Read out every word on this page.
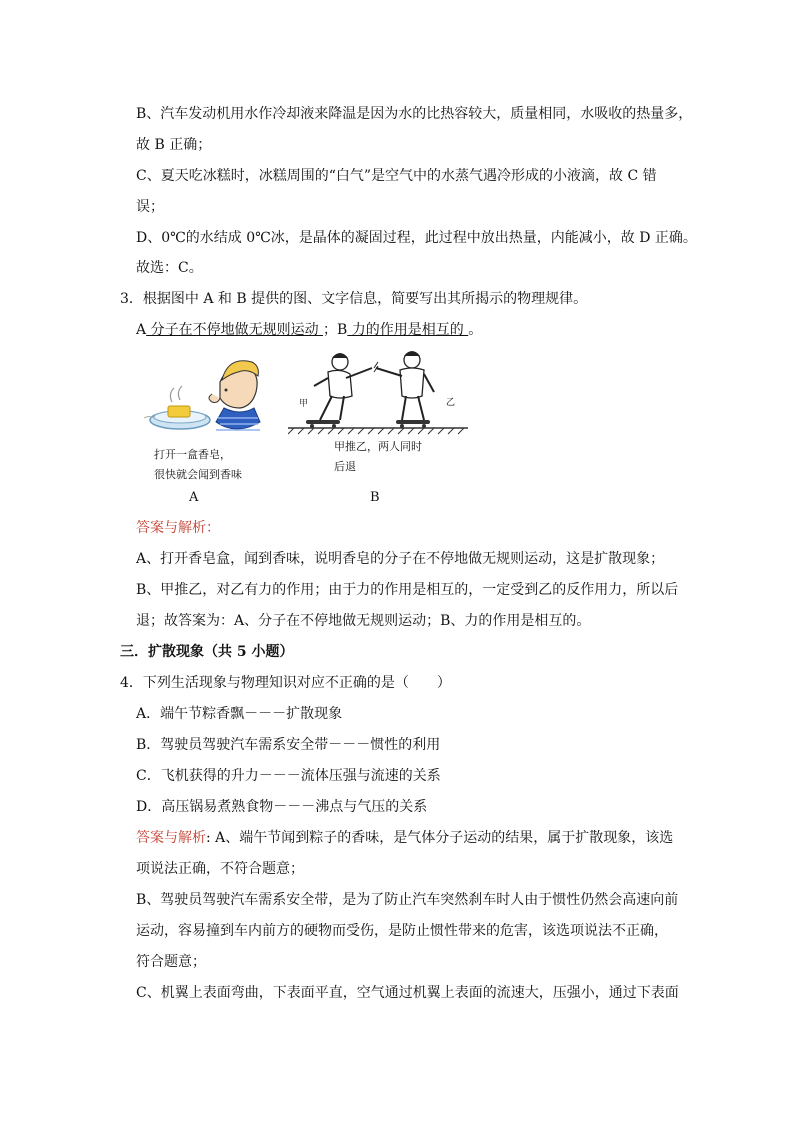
B、汽车发动机用水作冷却液来降温是因为水的比热容较大，质量相同，水吸收的热量多，
故 B 正确；
C、夏天吃冰糕时，冰糕周围的“白气”是空气中的水蒸气遇冷形成的小液滴，故 C 错
误；
D、0℃的水结成 0℃冰，是晶体的凝固过程，此过程中放出热量，内能减小，故 D 正确。
故选：C。
3．根据图中 A 和 B 提供的图、文字信息，简要写出其所揭示的物理规律。
A 分子在不停地做无规则运动 ；B 力的作用是相互的 。
打开一盒香皂，
很快就会闻到香味
A
甲	乙
甲推乙，两人同时
后退
B
答案与解析：
A、打开香皂盒，闻到香味，说明香皂的分子在不停地做无规则运动，这是扩散现象；
B、甲推乙，对乙有力的作用；由于力的作用是相互的，一定受到乙的反作用力，所以后
退；故答案为：A、分子在不停地做无规则运动；B、力的作用是相互的。
三．扩散现象（共 5 小题）
4．下列生活现象与物理知识对应不正确的是（　　）
A．端午节粽香飘－－－扩散现象
B．驾驶员驾驶汽车需系安全带－－－惯性的利用
C．飞机获得的升力－－－流体压强与流速的关系
D．高压锅易煮熟食物－－－沸点与气压的关系
答案与解析: A、端午节闻到粽子的香味，是气体分子运动的结果，属于扩散现象，该选
项说法正确，不符合题意；
B、驾驶员驾驶汽车需系安全带，是为了防止汽车突然刹车时人由于惯性仍然会高速向前
运动，容易撞到车内前方的硬物而受伤，是防止惯性带来的危害，该选项说法不正确，
符合题意；
C、机翼上表面弯曲，下表面平直，空气通过机翼上表面的流速大，压强小，通过下表面
